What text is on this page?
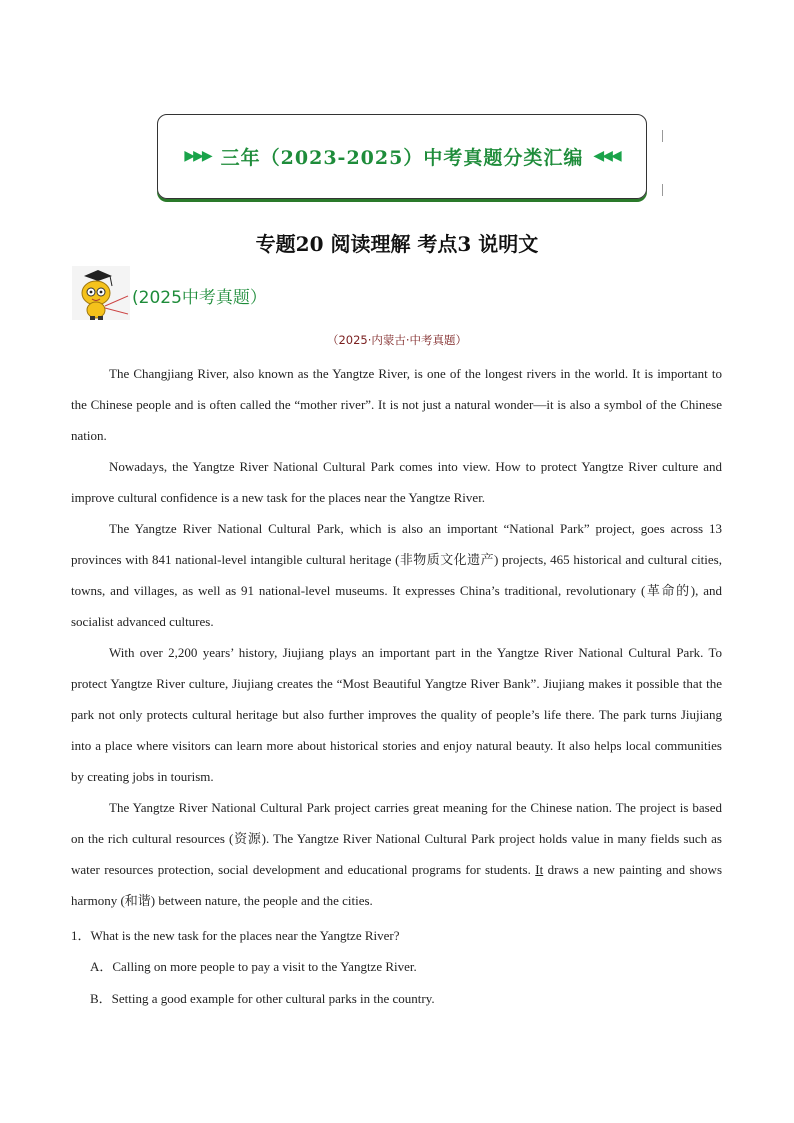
▶▶▶ 三年（2023-2025）中考真题分类汇编 ◀◀◀
专题20 阅读理解 考点3 说明文
(2025中考真题）
（2025·内蒙古·中考真题）

The Changjiang River, also known as the Yangtze River, is one of the longest rivers in the world. It is important to the Chinese people and is often called the “mother river”. It is not just a natural wonder—it is also a symbol of the Chinese nation.

Nowadays, the Yangtze River National Cultural Park comes into view. How to protect Yangtze River culture and improve cultural confidence is a new task for the places near the Yangtze River.

The Yangtze River National Cultural Park, which is also an important “National Park” project, goes across 13 provinces with 841 national-level intangible cultural heritage (非物质文化遗产) projects, 465 historical and cultural cities, towns, and villages, as well as 91 national-level museums. It expresses China’s traditional, revolutionary (革命的), and socialist advanced cultures.

With over 2,200 years’ history, Jiujiang plays an important part in the Yangtze River National Cultural Park. To protect Yangtze River culture, Jiujiang creates the “Most Beautiful Yangtze River Bank”. Jiujiang makes it possible that the park not only protects cultural heritage but also further improves the quality of people’s life there. The park turns Jiujiang into a place where visitors can learn more about historical stories and enjoy natural beauty. It also helps local communities by creating jobs in tourism.

The Yangtze River National Cultural Park project carries great meaning for the Chinese nation. The project is based on the rich cultural resources (资源). The Yangtze River National Cultural Park project holds value in many fields such as water resources protection, social development and educational programs for students. It draws a new painting and shows harmony (和谐) between nature, the people and the cities.

1．What is the new task for the places near the Yangtze River?
A．Calling on more people to pay a visit to the Yangtze River.
B．Setting a good example for other cultural parks in the country.
